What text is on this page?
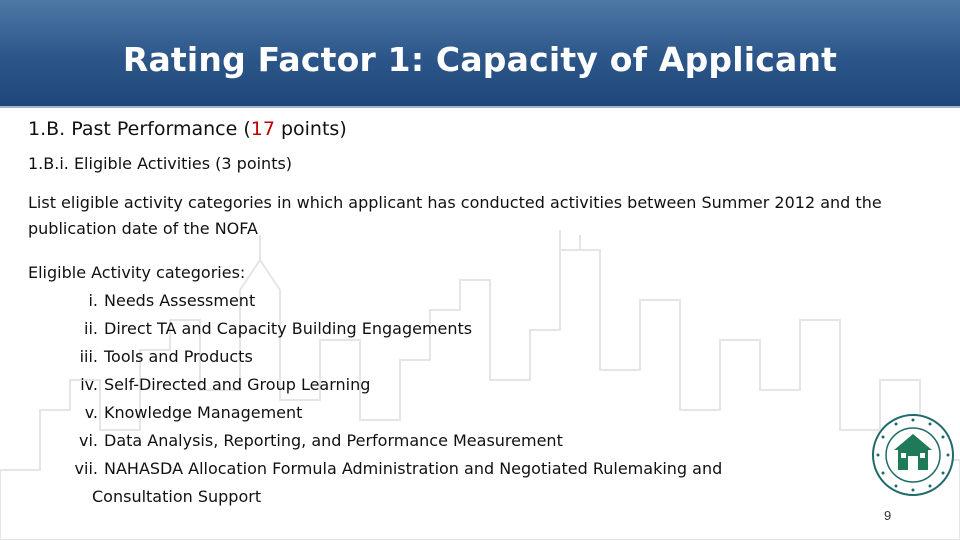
Rating Factor 1: Capacity of Applicant

1.B. Past Performance (17 points)

1.B.i. Eligible Activities (3 points)

List eligible activity categories in which applicant has conducted activities between Summer 2012 and the publication date of the NOFA

Eligible Activity categories:

i. Needs Assessment
ii. Direct TA and Capacity Building Engagements
iii. Tools and Products
iv. Self-Directed and Group Learning
v. Knowledge Management
vi. Data Analysis, Reporting, and Performance Measurement
vii. NAHASDA Allocation Formula Administration and Negotiated Rulemaking and
Consultation Support
9
